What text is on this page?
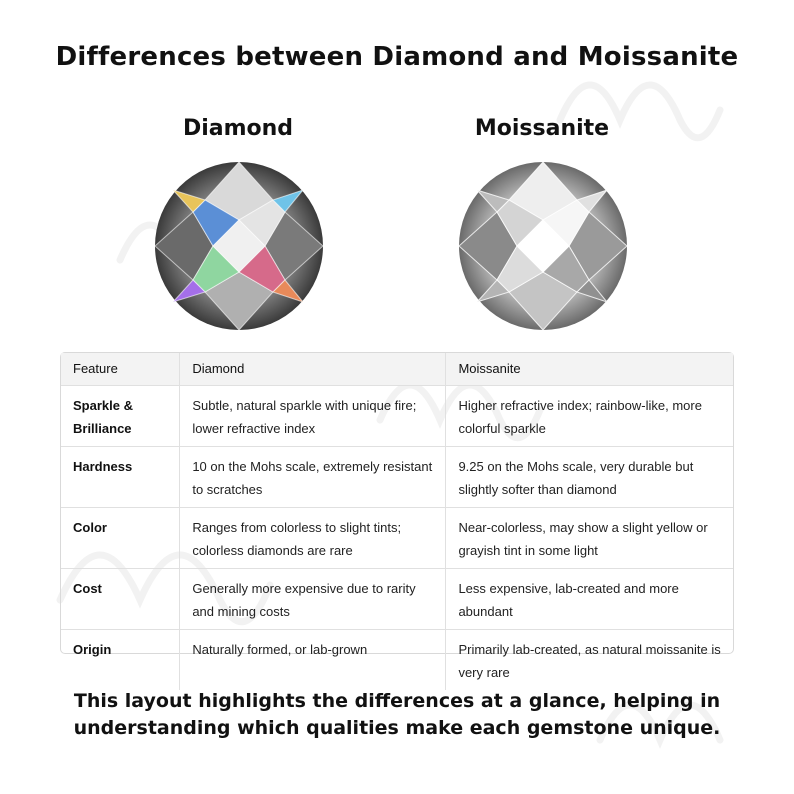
Differences between Diamond and Moissanite
Diamond	Moissanite
Feature	Diamond	Moissanite
Sparkle & Brilliance	Subtle, natural sparkle with unique fire; lower refractive index	Higher refractive index; rainbow-like, more colorful sparkle
Hardness	10 on the Mohs scale, extremely resistant to scratches	9.25 on the Mohs scale, very durable but slightly softer than diamond
Color	Ranges from colorless to slight tints; colorless diamonds are rare	Near-colorless, may show a slight yellow or grayish tint in some light
Cost	Generally more expensive due to rarity and mining costs	Less expensive, lab-created and more abundant
Origin	Naturally formed, or lab-grown	Primarily lab-created, as natural moissanite is very rare
This layout highlights the differences at a glance, helping in understanding which qualities make each gemstone unique.
